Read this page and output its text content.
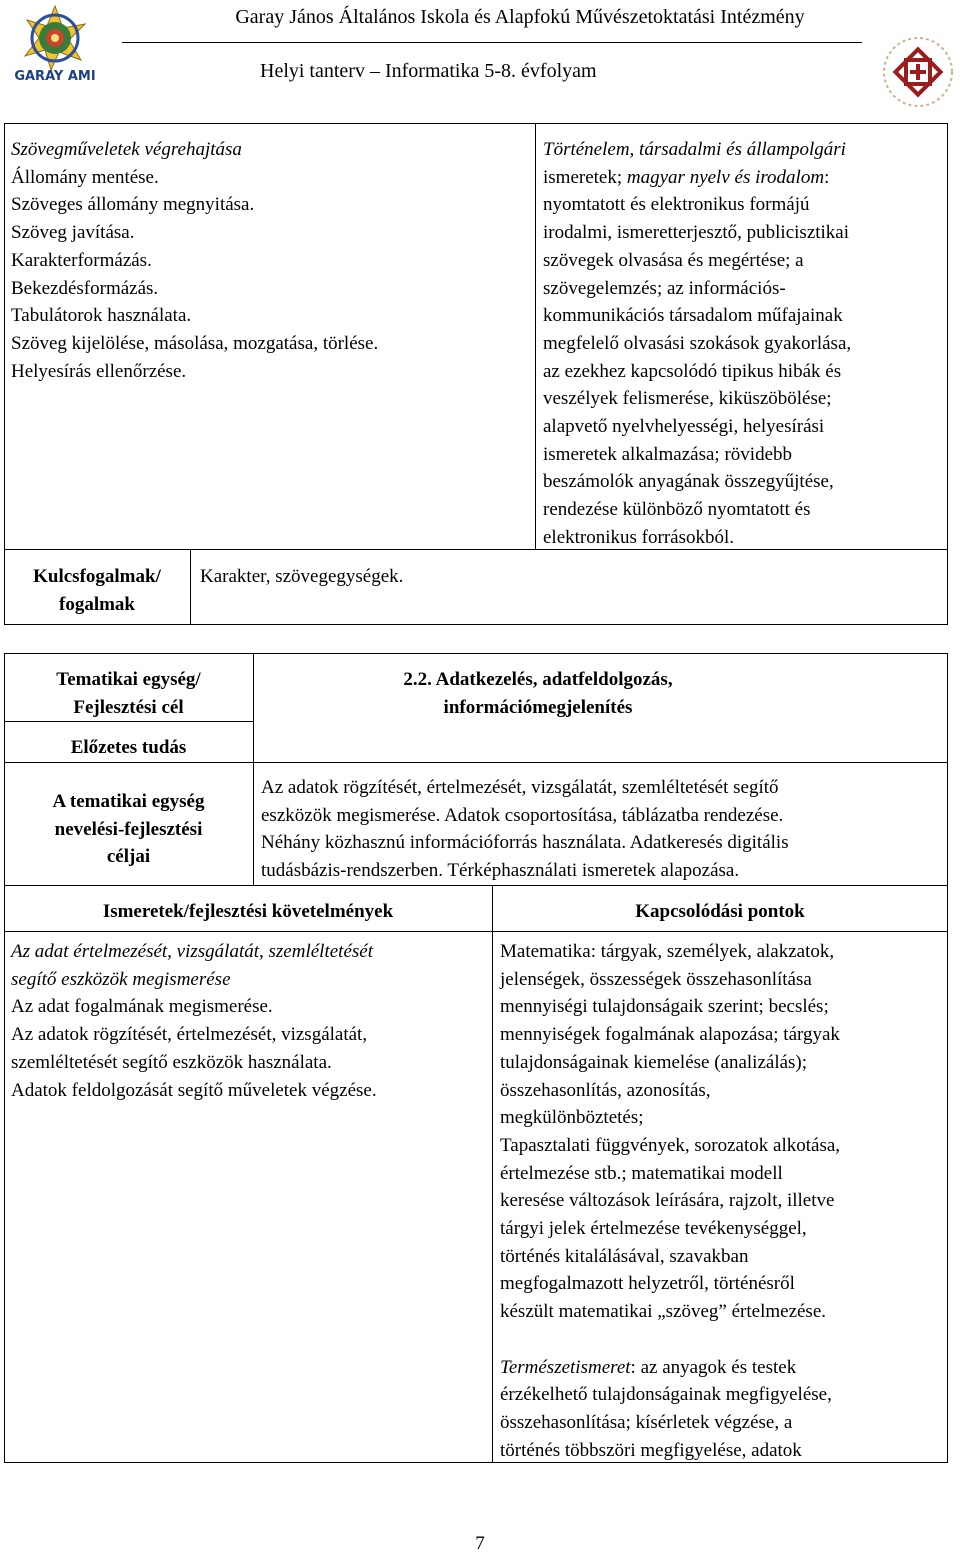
GARAY AMI
Garay János Általános Iskola és Alapfokú Művészetoktatási Intézmény
Helyi tanterv – Informatika 5-8. évfolyam
Szövegműveletek végrehajtása
Állomány mentése.
Szöveges állomány megnyitása.
Szöveg javítása.
Karakterformázás.
Bekezdésformázás.
Tabulátorok használata.
Szöveg kijelölése, másolása, mozgatása, törlése.
Helyesírás ellenőrzése.
Történelem, társadalmi és állampolgári
ismeretek; magyar nyelv és irodalom:
nyomtatott és elektronikus formájú
irodalmi, ismeretterjesztő, publicisztikai
szövegek olvasása és megértése; a
szövegelemzés; az információs-
kommunikációs társadalom műfajainak
megfelelő olvasási szokások gyakorlása,
az ezekhez kapcsolódó tipikus hibák és
veszélyek felismerése, kiküszöbölése;
alapvető nyelvhelyességi, helyesírási
ismeretek alkalmazása; rövidebb
beszámolók anyagának összegyűjtése,
rendezése különböző nyomtatott és
elektronikus forrásokból.
Kulcsfogalmak/
fogalmak
Karakter, szövegegységek.
Tematikai egység/
Fejlesztési cél
2.2. Adatkezelés, adatfeldolgozás,
információmegjelenítés
Előzetes tudás
A tematikai egység
nevelési-fejlesztési
céljai
Az adatok rögzítését, értelmezését, vizsgálatát, szemléltetését segítő
eszközök megismerése. Adatok csoportosítása, táblázatba rendezése.
Néhány közhasznú információforrás használata. Adatkeresés digitális
tudásbázis-rendszerben. Térképhasználati ismeretek alapozása.
Ismeretek/fejlesztési követelmények	Kapcsolódási pontok
Az adat értelmezését, vizsgálatát, szemléltetését
segítő eszközök megismerése
Az adat fogalmának megismerése.
Az adatok rögzítését, értelmezését, vizsgálatát,
szemléltetését segítő eszközök használata.
Adatok feldolgozását segítő műveletek végzése.
Matematika: tárgyak, személyek, alakzatok,
jelenségek, összességek összehasonlítása
mennyiségi tulajdonságaik szerint; becslés;
mennyiségek fogalmának alapozása; tárgyak
tulajdonságainak kiemelése (analizálás);
összehasonlítás, azonosítás,
megkülönböztetés;
Tapasztalati függvények, sorozatok alkotása,
értelmezése stb.; matematikai modell
keresése változások leírására, rajzolt, illetve
tárgyi jelek értelmezése tevékenységgel,
történés kitalálásával, szavakban
megfogalmazott helyzetről, történésről
készült matematikai „szöveg” értelmezése.
Természetismeret: az anyagok és testek
érzékelhető tulajdonságainak megfigyelése,
összehasonlítása; kísérletek végzése, a
történés többszöri megfigyelése, adatok
7
